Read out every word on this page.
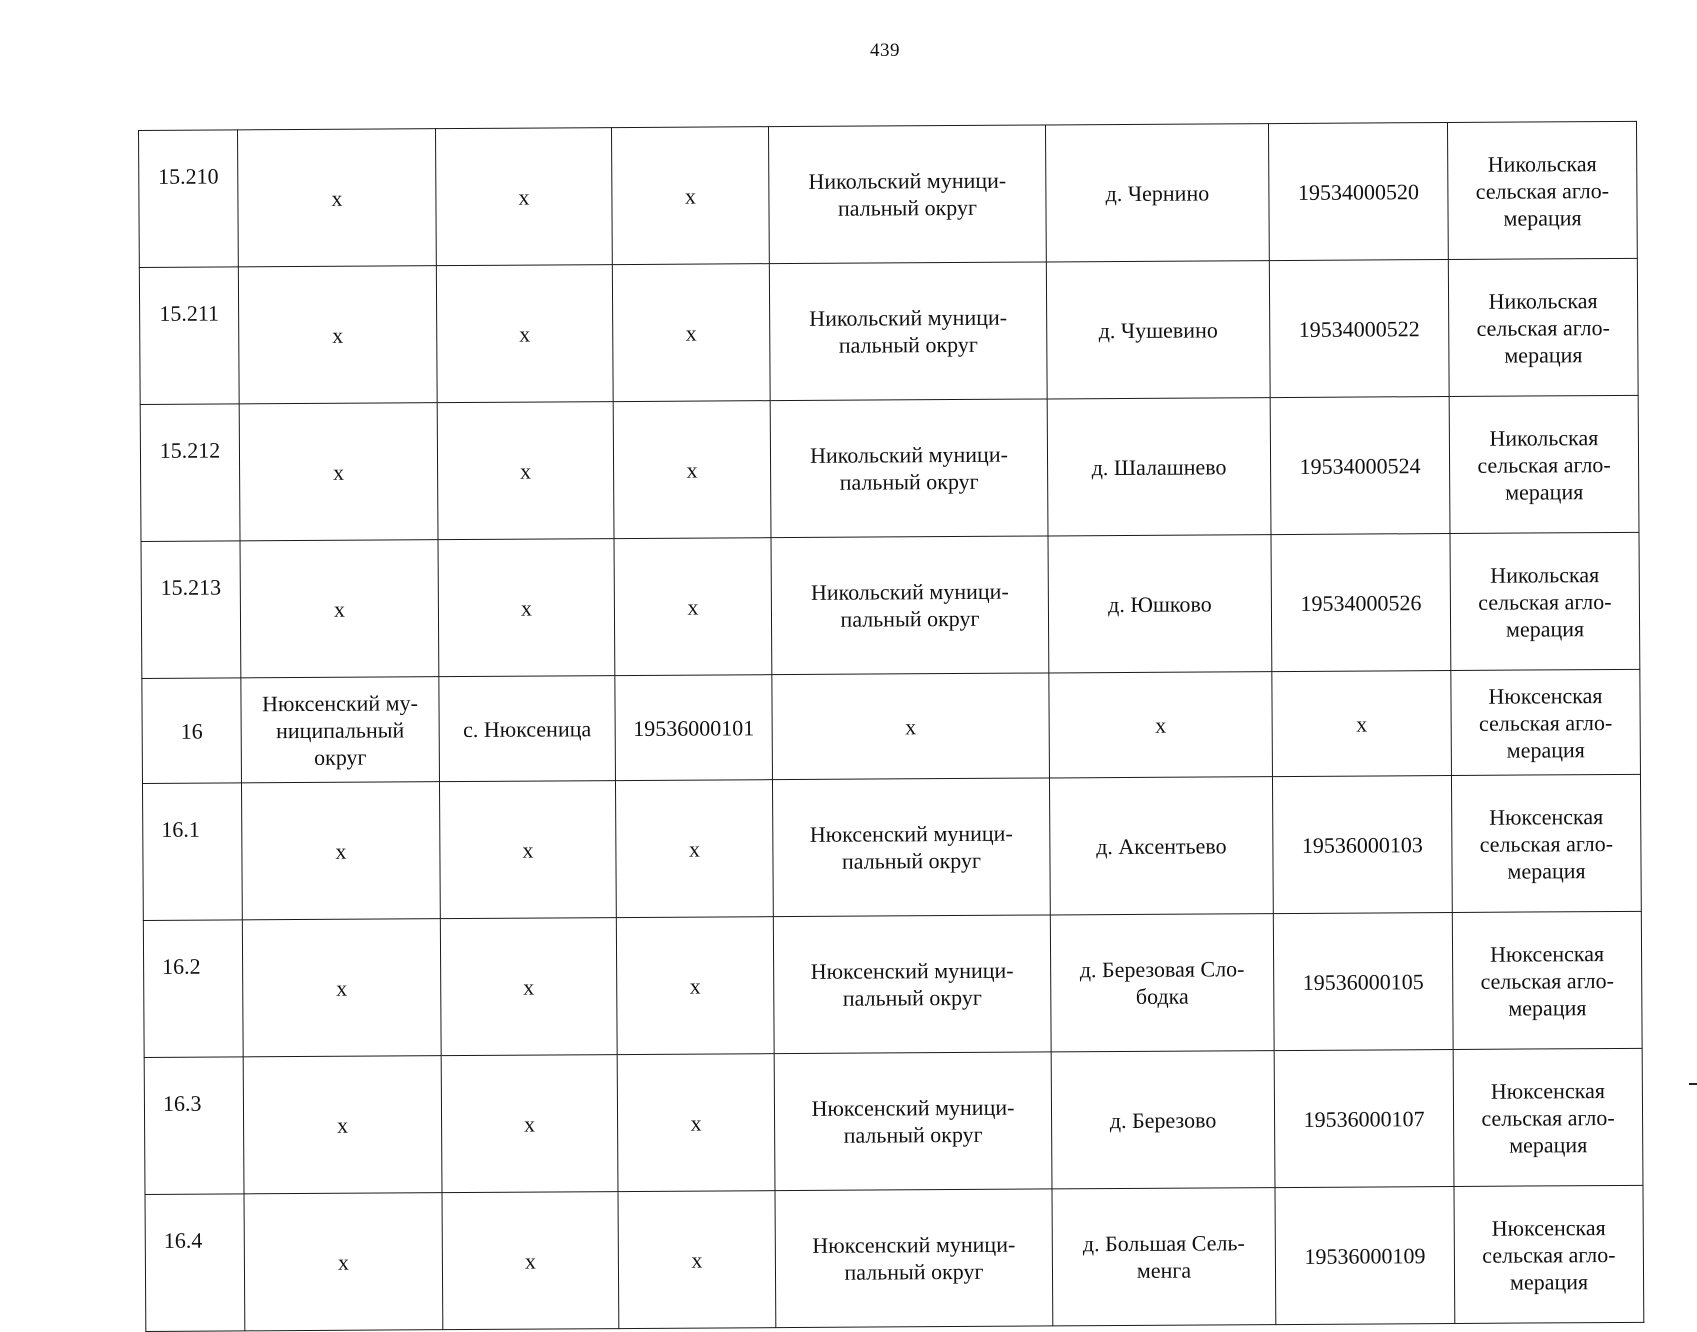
439
15.210	x	x	x	Никольский муници-
пальный округ	д. Чернино	19534000520	Никольская
сельская агло-
мерация
15.211	x	x	x	Никольский муници-
пальный округ	д. Чушевино	19534000522	Никольская
сельская агло-
мерация
15.212	x	x	x	Никольский муници-
пальный округ	д. Шалашнево	19534000524	Никольская
сельская агло-
мерация
15.213	x	x	x	Никольский муници-
пальный округ	д. Юшково	19534000526	Никольская
сельская агло-
мерация
16	Нюксенский му-
ниципальный
округ	с. Нюксеница	19536000101	x	x	x	Нюксенская
сельская агло-
мерация
16.1	x	x	x	Нюксенский муници-
пальный округ	д. Аксентьево	19536000103	Нюксенская
сельская агло-
мерация
16.2	x	x	x	Нюксенский муници-
пальный округ	д. Березовая Сло-
бодка	19536000105	Нюксенская
сельская агло-
мерация
16.3	x	x	x	Нюксенский муници-
пальный округ	д. Березово	19536000107	Нюксенская
сельская агло-
мерация
16.4	x	x	x	Нюксенский муници-
пальный округ	д. Большая Сель-
менга	19536000109	Нюксенская
сельская агло-
мерация
